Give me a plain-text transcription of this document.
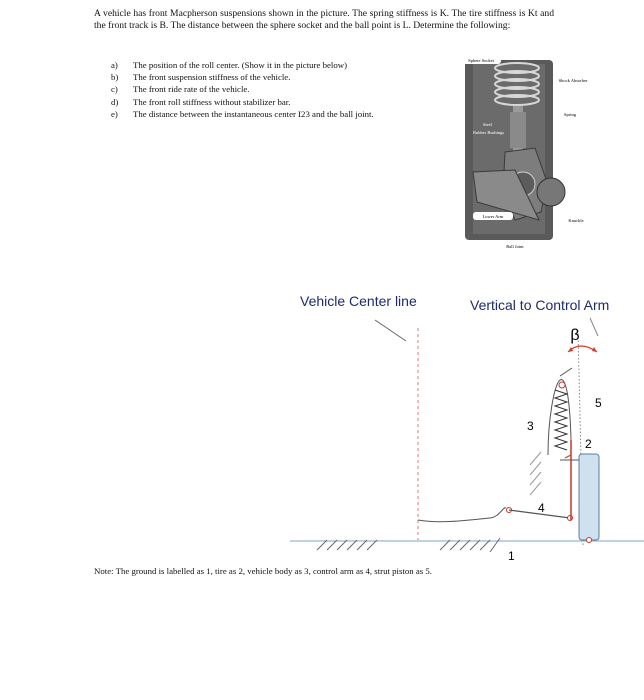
A vehicle has front Macpherson suspensions shown in the picture. The spring stiffness is K. The tire stiffness is Kt and the front track is B. The distance between the sphere socket and the ball point is L. Determine the following:
a)	The position of the roll center. (Show it in the picture below)
b)	The front suspension stiffness of the vehicle.
c)	The front ride rate of the vehicle.
d)	The front roll stiffness without stabilizer bar.
e)	The distance between the instantaneous center I23 and the ball joint.
Sphere Socket
Shock Absorber
Spring
Steel
Rubber Bushings
Lower Arm
Knuckle
Ball Joint
Vehicle Center line	Vertical to Control Arm
β
1
2
3
4
5
Note: The ground is labelled as 1, tire as 2, vehicle body as 3, control arm as 4, strut piston as 5.
